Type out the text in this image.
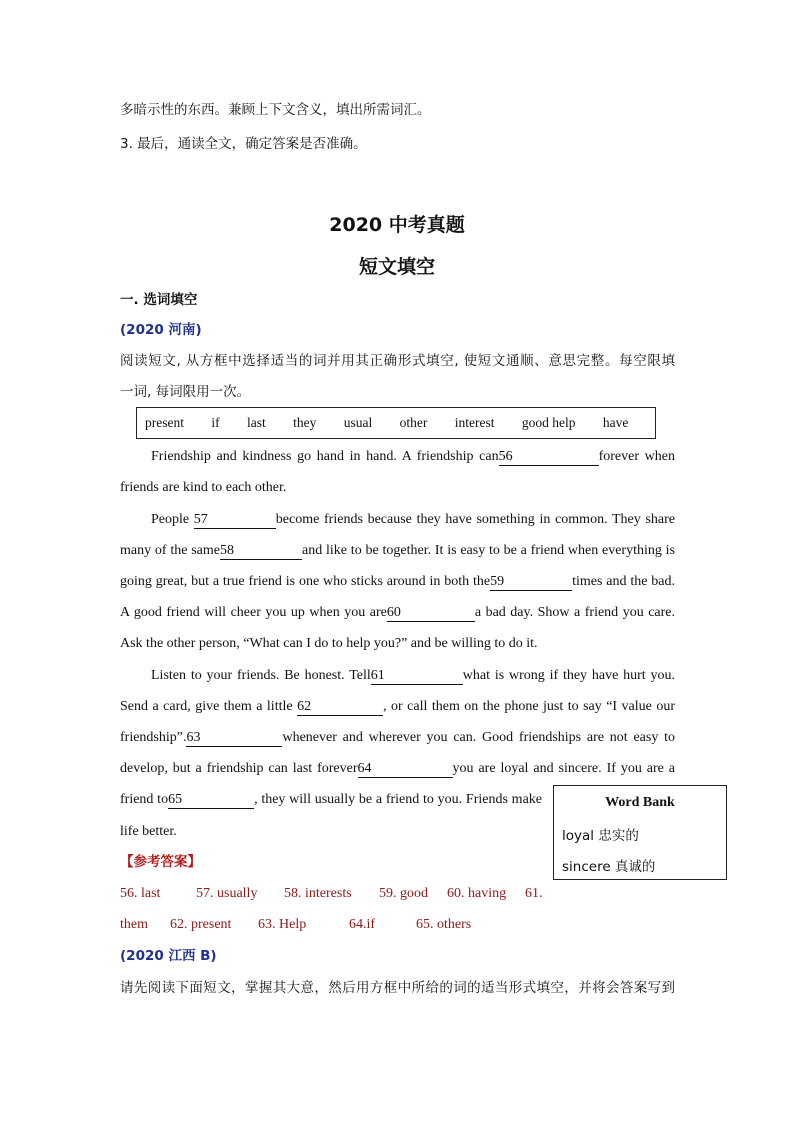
多暗示性的东西。兼顾上下文含义，填出所需词汇。
3. 最后，通读全文，确定答案是否准确。
2020 中考真题
短文填空
一. 选词填空
(2020 河南)
阅读短文, 从方框中选择适当的词并用其正确形式填空, 使短文通顺、意思完整。每空限填
一词, 每词限用一次。
present if last they usual other interest good help have
Friendship and kindness go hand in hand. A friendship can56	forever when
friends are kind to each other.
People 57	become friends because they have something in common. They share
many of the same58	and like to be together. It is easy to be a friend when everything is
going great, but a true friend is one who sticks around in both the59	times and the bad.
A good friend will cheer you up when you are60	a bad day. Show a friend you care.
Ask the other person, “What can I do to help you?” and be willing to do it.
Listen to your friends. Be honest. Tell61	what is wrong if they have hurt you.
Send a card, give them a little 62	, or call them on the phone just to say “I value our
friendship”.63	whenever and wherever you can. Good friendships are not easy to
develop, but a friendship can last forever64	you are loyal and sincere. If you are a
friend to65	, they will usually be a friend to you. Friends make
life better.
Word Bank
loyal 忠实的
sincere 真诚的
【参考答案】
56. last	57. usually 58. interests 59. good 60. having 61.
them 62. present 63. Help	64.if	65. others
(2020 江西 B)
请先阅读下面短文，掌握其大意，然后用方框中所给的词的适当形式填空，并将会答案写到
